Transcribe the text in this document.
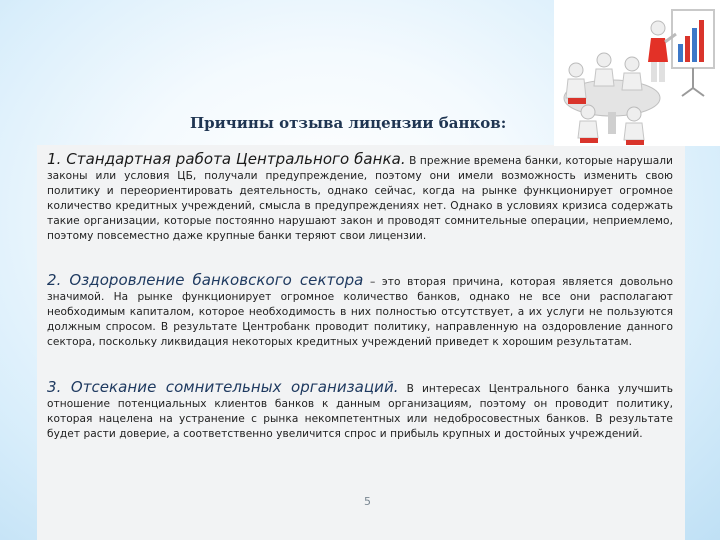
Причины отзыва лицензии банков:

1. Стандартная работа Центрального банка. В прежние времена банки, которые нарушали законы или условия ЦБ, получали предупреждение, поэтому они имели возможность изменить свою политику и переориентировать деятельность, однако сейчас, когда на рынке функционирует огромное количество кредитных учреждений, смысла в предупреждениях нет. Однако в условиях кризиса содержать такие организации, которые постоянно нарушают закон и проводят сомнительные операции, неприемлемо, поэтому повсеместно даже крупные банки теряют свои лицензии.

2. Оздоровление банковского сектора – это вторая причина, которая является довольно значимой. На рынке функционирует огромное количество банков, однако не все они располагают необходимым капиталом, которое необходимость в них полностью отсутствует, а их услуги не пользуются должным спросом. В результате Центробанк проводит политику, направленную на оздоровление данного сектора, поскольку ликвидация некоторых кредитных учреждений приведет к хорошим результатам.

3. Отсекание сомнительных организаций. В интересах Центрального банка улучшить отношение потенциальных клиентов банков к данным организациям, поэтому он проводит политику, которая нацелена на устранение с рынка некомпетентных или недобросовестных банков. В результате будет расти доверие, а соответственно увеличится спрос и прибыль крупных и достойных учреждений.

5
